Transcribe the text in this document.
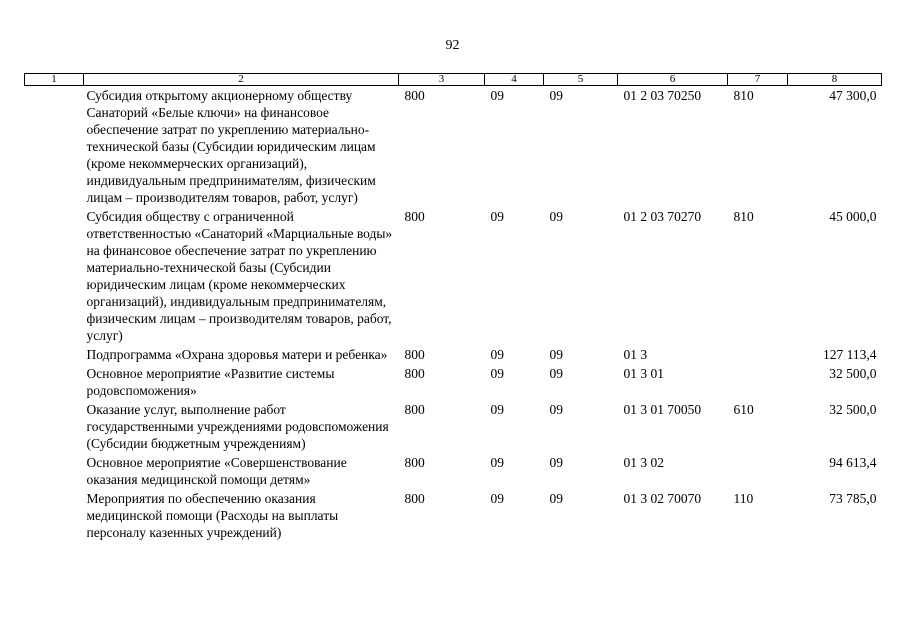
92
1	2	3	4	5	6	7	8
	Субсидия открытому акционерному обществу Санаторий «Белые ключи» на финансовое обеспечение затрат по укреплению материально-технической базы (Субсидии юридическим лицам (кроме некоммерческих организаций), индивидуальным предпринимателям, физическим лицам – производителям товаров, работ, услуг)	800	09	09	01 2 03 70250	810	47 300,0
	Субсидия обществу с ограниченной ответственностью «Санаторий «Марциальные воды» на финансовое обеспечение затрат по укреплению материально-технической базы (Субсидии юридическим лицам (кроме некоммерческих организаций), индивидуальным предпринимателям, физическим лицам – производителям товаров, работ, услуг)	800	09	09	01 2 03 70270	810	45 000,0
	Подпрограмма «Охрана здоровья матери и ребенка»	800	09	09	01 3		127 113,4
	Основное мероприятие «Развитие системы родовспоможения»	800	09	09	01 3 01		32 500,0
	Оказание услуг, выполнение работ государственными учреждениями родовспоможения (Субсидии бюджетным учреждениям)	800	09	09	01 3 01 70050	610	32 500,0
	Основное мероприятие «Совершенствование оказания медицинской помощи детям»	800	09	09	01 3 02		94 613,4
	Мероприятия по обеспечению оказания медицинской помощи (Расходы на выплаты персоналу казенных учреждений)	800	09	09	01 3 02 70070	110	73 785,0
